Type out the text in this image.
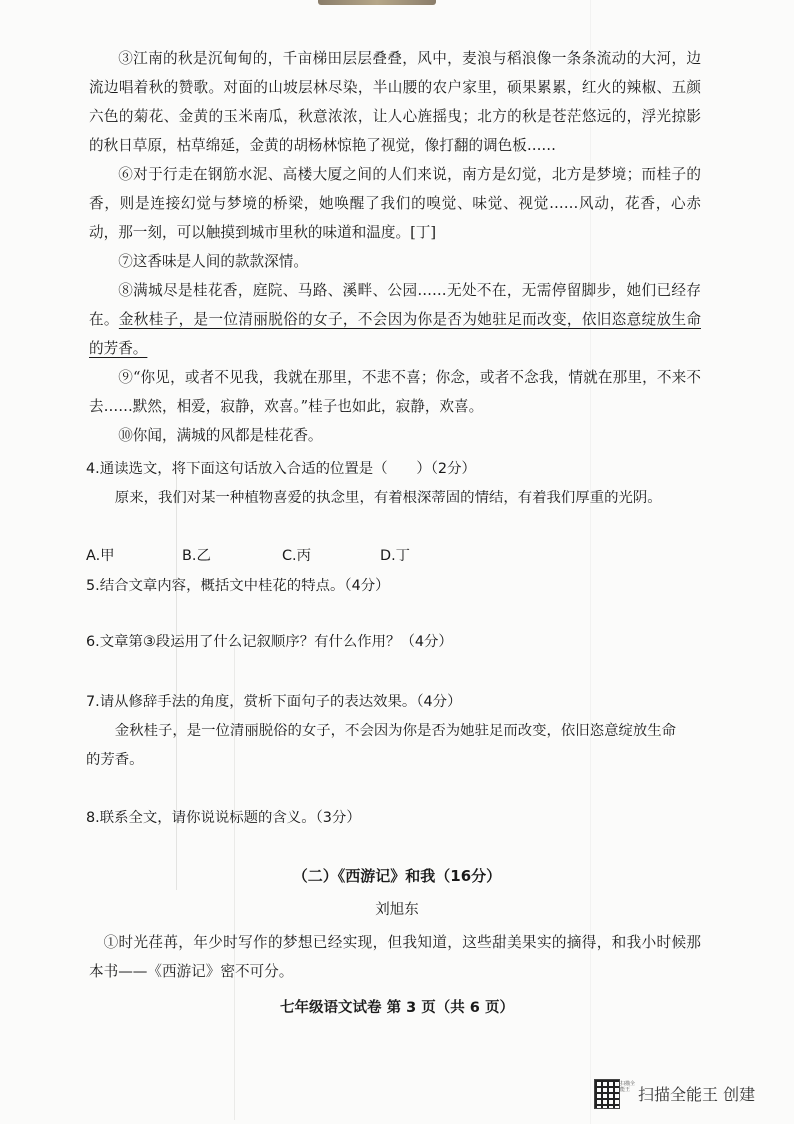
③江南的秋是沉甸甸的，千亩梯田层层叠叠，风中，麦浪与稻浪像一条条流动的大河，边流边唱着秋的赞歌。对面的山坡层林尽染，半山腰的农户家里，硕果累累，红火的辣椒、五颜六色的菊花、金黄的玉米南瓜，秋意浓浓，让人心旌摇曳；北方的秋是苍茫悠远的，浮光掠影的秋日草原，枯草绵延，金黄的胡杨林惊艳了视觉，像打翻的调色板……

⑥对于行走在钢筋水泥、高楼大厦之间的人们来说，南方是幻觉，北方是梦境；而桂子的香，则是连接幻觉与梦境的桥梁，她唤醒了我们的嗅觉、味觉、视觉……风动，花香，心赤动，那一刻，可以触摸到城市里秋的味道和温度。[丁]

⑦这香味是人间的款款深情。

⑧满城尽是桂花香，庭院、马路、溪畔、公园……无处不在，无需停留脚步，她们已经存在。金秋桂子，是一位清丽脱俗的女子，不会因为你是否为她驻足而改变，依旧恣意绽放生命的芳香。

⑨“你见，或者不见我，我就在那里，不悲不喜；你念，或者不念我，情就在那里，不来不去……默然，相爱，寂静，欢喜。”桂子也如此，寂静，欢喜。

⑩你闻，满城的风都是桂花香。

4.通读选文，将下面这句话放入合适的位置是（　　）（2分）
原来，我们对某一种植物喜爱的执念里，有着根深蒂固的情结，有着我们厚重的光阴。
A.甲	B.乙	C.丙	D.丁
5.结合文章内容，概括文中桂花的特点。（4分）
6.文章第③段运用了什么记叙顺序？有什么作用？（4分）
7.请从修辞手法的角度，赏析下面句子的表达效果。（4分）
金秋桂子，是一位清丽脱俗的女子，不会因为你是否为她驻足而改变，依旧恣意绽放生命的芳香。
8.联系全文，请你说说标题的含义。（3分）
（二）《西游记》和我（16分）
刘旭东

①时光荏苒，年少时写作的梦想已经实现，但我知道，这些甜美果实的摘得，和我小时候那本书——《西游记》密不可分。

七年级语文试卷 第 3 页（共 6 页）
扫描全能王 扫描全能王 创建
